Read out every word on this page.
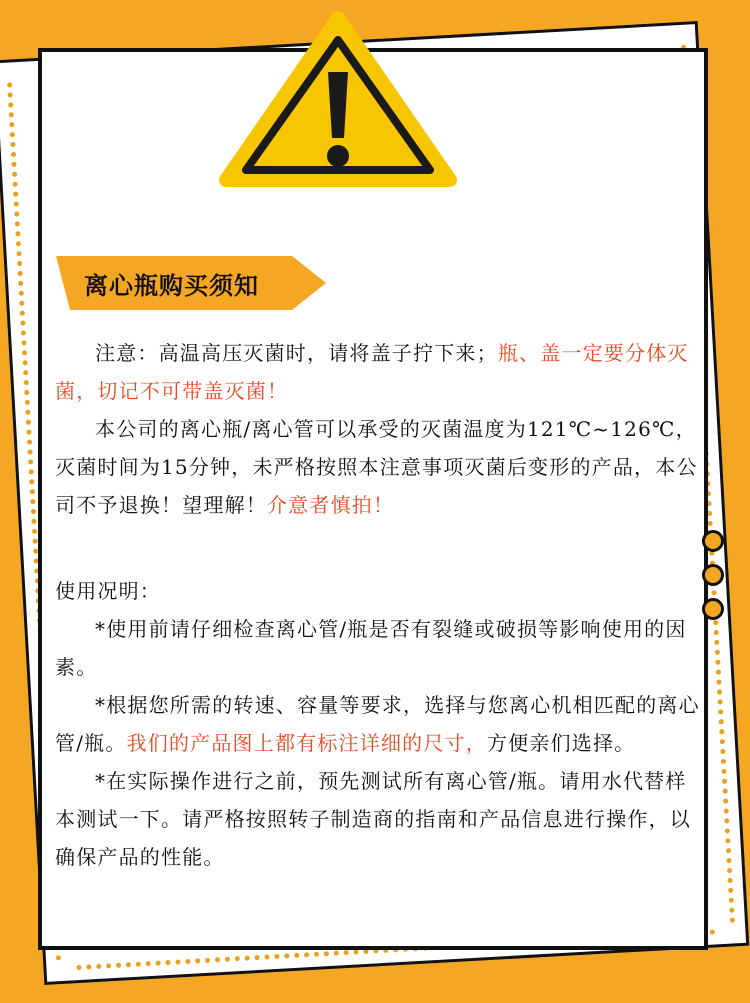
离心瓶购买须知

注意：高温高压灭菌时，请将盖子拧下来；瓶、盖一定要分体灭菌，切记不可带盖灭菌！

本公司的离心瓶/离心管可以承受的灭菌温度为121℃~126℃，灭菌时间为15分钟，未严格按照本注意事项灭菌后变形的产品，本公司不予退换！望理解！介意者慎拍！

使用况明：

*使用前请仔细检查离心管/瓶是否有裂缝或破损等影响使用的因素。

*根据您所需的转速、容量等要求，选择与您离心机相匹配的离心管/瓶。我们的产品图上都有标注详细的尺寸，方便亲们选择。

*在实际操作进行之前，预先测试所有离心管/瓶。请用水代替样本测试一下。请严格按照转子制造商的指南和产品信息进行操作，以确保产品的性能。
